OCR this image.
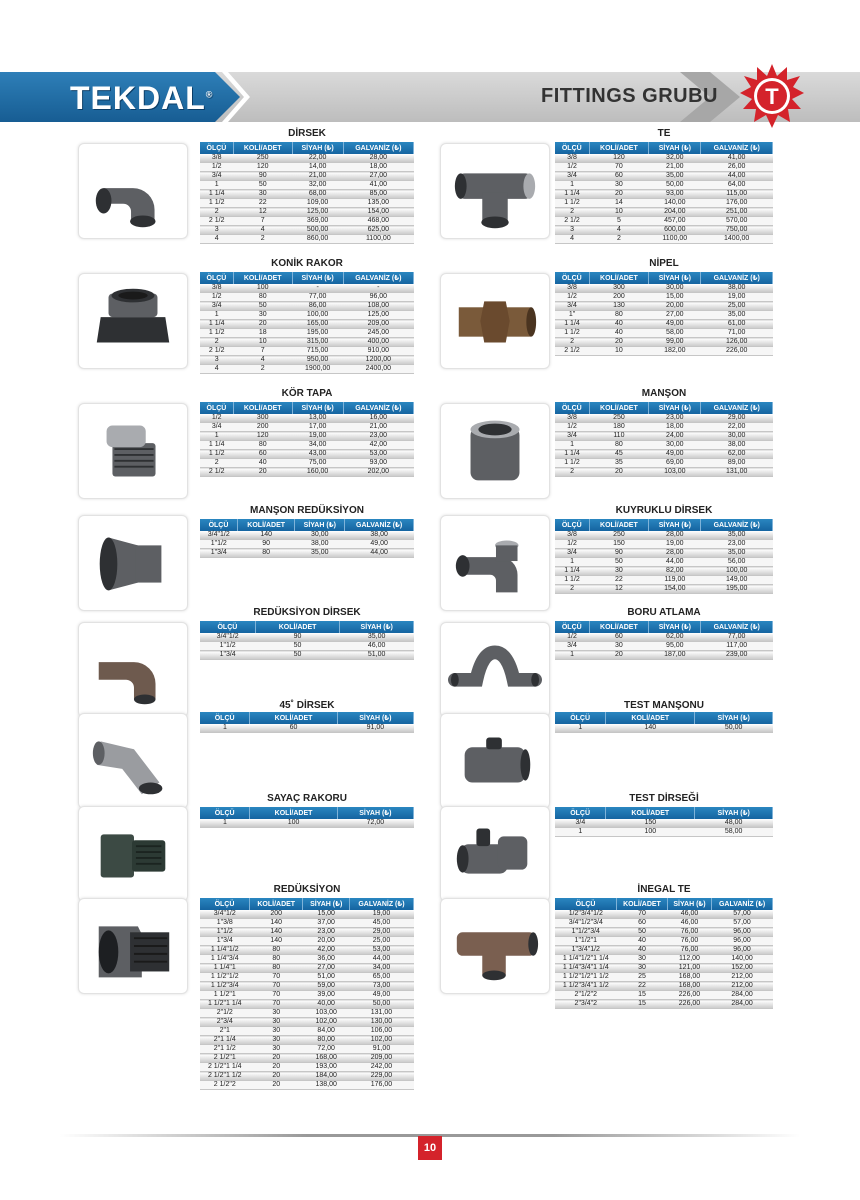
TEKDAL®	FITTINGS GRUBU T
DİRSEK
ÖLÇÜ	KOLİ/ADET	SİYAH (₺)	GALVANİZ (₺)
3/8	250	22,00	28,00
1/2	120	14,00	18,00
3/4	90	21,00	27,00
1	50	32,00	41,00
1 1/4	30	68,00	85,00
1 1/2	22	109,00	135,00
2	12	125,00	154,00
2 1/2	7	369,00	468,00
3	4	500,00	625,00
4	2	860,00	1100,00
TE
ÖLÇÜ	KOLİ/ADET	SİYAH (₺)	GALVANİZ (₺)
3/8	120	32,00	41,00
1/2	70	21,00	26,00
3/4	60	35,00	44,00
1	30	50,00	64,00
1 1/4	20	93,00	115,00
1 1/2	14	140,00	176,00
2	10	204,00	251,00
2 1/2	5	457,00	570,00
3	4	600,00	750,00
4	2	1100,00	1400,00
KONİK RAKOR
ÖLÇÜ	KOLİ/ADET	SİYAH (₺)	GALVANİZ (₺)
3/8	100	-	-
1/2	80	77,00	96,00
3/4	50	86,00	108,00
1	30	100,00	125,00
1 1/4	20	165,00	209,00
1 1/2	18	195,00	245,00
2	10	315,00	400,00
2 1/2	7	715,00	910,00
3	4	950,00	1200,00
4	2	1900,00	2400,00
NİPEL
ÖLÇÜ	KOLİ/ADET	SİYAH (₺)	GALVANİZ (₺)
3/8	300	30,00	38,00
1/2	200	15,00	19,00
3/4	130	20,00	25,00
1"	80	27,00	35,00
1 1/4	40	49,00	61,00
1 1/2	40	58,00	71,00
2	20	99,00	126,00
2 1/2	10	182,00	226,00
KÖR TAPA
ÖLÇÜ	KOLİ/ADET	SİYAH (₺)	GALVANİZ (₺)
1/2	300	13,00	16,00
3/4	200	17,00	21,00
1	120	19,00	23,00
1 1/4	80	34,00	42,00
1 1/2	60	43,00	53,00
2	40	75,00	93,00
2 1/2	20	160,00	202,00
MANŞON
ÖLÇÜ	KOLİ/ADET	SİYAH (₺)	GALVANİZ (₺)
3/8	250	23,00	29,00
1/2	180	18,00	22,00
3/4	110	24,00	30,00
1	80	30,00	38,00
1 1/4	45	49,00	62,00
1 1/2	35	69,00	89,00
2	20	103,00	131,00
MANŞON REDÜKSİYON
ÖLÇÜ	KOLİ/ADET	SİYAH (₺)	GALVANİZ (₺)
3/4"1/2	140	30,00	38,00
1"1/2	90	38,00	49,00
1"3/4	80	35,00	44,00
KUYRUKLU DİRSEK
ÖLÇÜ	KOLİ/ADET	SİYAH (₺)	GALVANİZ (₺)
3/8	250	28,00	35,00
1/2	150	19,00	23,00
3/4	90	28,00	35,00
1	50	44,00	56,00
1 1/4	30	82,00	100,00
1 1/2	22	119,00	149,00
2	12	154,00	195,00
REDÜKSİYON DİRSEK
ÖLÇÜ	KOLİ/ADET	SİYAH (₺)
3/4"1/2	90	35,00
1"1/2	50	46,00
1"3/4	50	51,00
BORU ATLAMA
ÖLÇÜ	KOLİ/ADET	SİYAH (₺)	GALVANİZ (₺)
1/2	60	62,00	77,00
3/4	30	95,00	117,00
1	20	187,00	239,00
45˚ DİRSEK
ÖLÇÜ	KOLİ/ADET	SİYAH (₺)
1	60	91,00
TEST MANŞONU
ÖLÇÜ	KOLİ/ADET	SİYAH (₺)
1	140	50,00
SAYAÇ RAKORU
ÖLÇÜ	KOLİ/ADET	SİYAH (₺)
1	100	72,00
TEST DİRSEĞİ
ÖLÇÜ	KOLİ/ADET	SİYAH (₺)
3/4	150	48,00
1	100	58,00
REDÜKSİYON
ÖLÇÜ	KOLİ/ADET	SİYAH (₺)	GALVANİZ (₺)
3/4"1/2	200	15,00	19,00
1"3/8	140	37,00	45,00
1"1/2	140	23,00	29,00
1"3/4	140	20,00	25,00
1 1/4"1/2	80	42,00	53,00
1 1/4"3/4	80	36,00	44,00
1 1/4"1	80	27,00	34,00
1 1/2"1/2	70	51,00	65,00
1 1/2"3/4	70	59,00	73,00
1 1/2"1	70	39,00	49,00
1 1/2"1 1/4	70	40,00	50,00
2"1/2	30	103,00	131,00
2"3/4	30	102,00	130,00
2"1	30	84,00	106,00
2"1 1/4	30	80,00	102,00
2"1 1/2	30	72,00	91,00
2 1/2"1	20	168,00	209,00
2 1/2"1 1/4	20	193,00	242,00
2 1/2"1 1/2	20	184,00	229,00
2 1/2"2	20	138,00	176,00
İNEGAL TE
ÖLÇÜ	KOLİ/ADET	SİYAH (₺)	GALVANİZ (₺)
1/2"3/4"1/2	70	46,00	57,00
3/4"1/2"3/4	60	46,00	57,00
1"1/2"3/4	50	76,00	96,00
1"1/2"1	40	76,00	96,00
1"3/4"1/2	40	76,00	96,00
1 1/4"1/2"1 1/4	30	112,00	140,00
1 1/4"3/4"1 1/4	30	121,00	152,00
1 1/2"1/2"1 1/2	25	168,00	212,00
1 1/2"3/4"1 1/2	22	168,00	212,00
2"1/2"2	15	226,00	284,00
2"3/4"2	15	226,00	284,00
10
